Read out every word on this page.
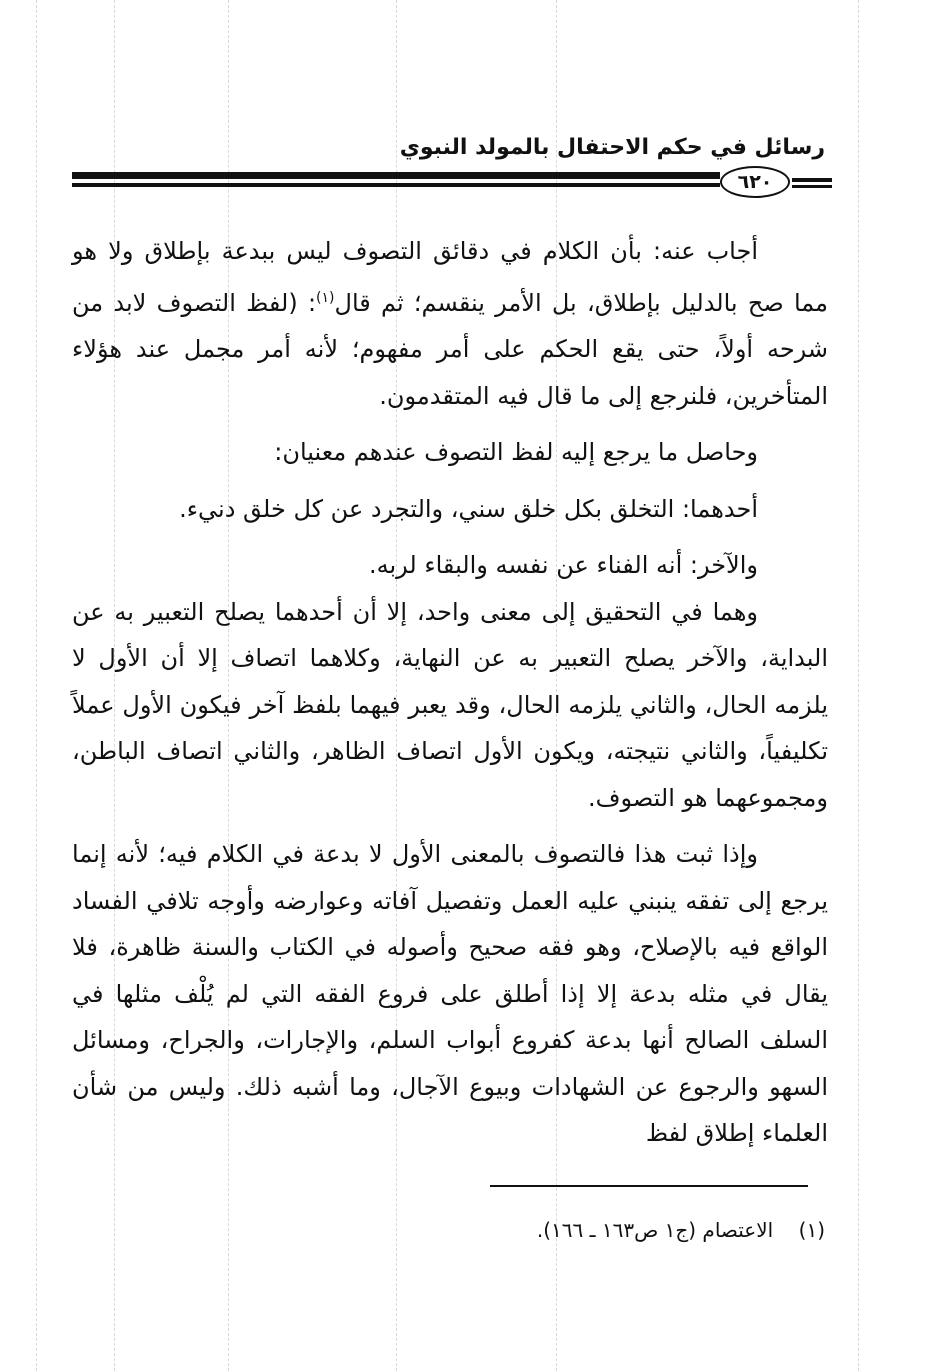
رسائل في حكم الاحتفال بالمولد النبوي
٦٢٠

أجاب عنه: بأن الكلام في دقائق التصوف ليس ببدعة بإطلاق ولا هو مما صح بالدليل بإطلاق، بل الأمر ينقسم؛ ثم قال$^{(١)}$: (لفظ التصوف لابد من شرحه أولاً، حتى يقع الحكم على أمر مفهوم؛ لأنه أمر مجمل عند هؤلاء المتأخرين، فلنرجع إلى ما قال فيه المتقدمون.

وحاصل ما يرجع إليه لفظ التصوف عندهم معنيان:

أحدهما: التخلق بكل خلق سني، والتجرد عن كل خلق دنيء.

والآخر: أنه الفناء عن نفسه والبقاء لربه.

وهما في التحقيق إلى معنى واحد، إلا أن أحدهما يصلح التعبير به عن البداية، والآخر يصلح التعبير به عن النهاية، وكلاهما اتصاف إلا أن الأول لا يلزمه الحال، والثاني يلزمه الحال، وقد يعبر فيهما بلفظ آخر فيكون الأول عملاً تكليفياً، والثاني نتيجته، ويكون الأول اتصاف الظاهر، والثاني اتصاف الباطن، ومجموعهما هو التصوف.

وإذا ثبت هذا فالتصوف بالمعنى الأول لا بدعة في الكلام فيه؛ لأنه إنما يرجع إلى تفقه ينبني عليه العمل وتفصيل آفاته وعوارضه وأوجه تلافي الفساد الواقع فيه بالإصلاح، وهو فقه صحيح وأصوله في الكتاب والسنة ظاهرة، فلا يقال في مثله بدعة إلا إذا أطلق على فروع الفقه التي لم يُلْف مثلها في السلف الصالح أنها بدعة كفروع أبواب السلم، والإجارات، والجراح، ومسائل السهو والرجوع عن الشهادات وبيوع الآجال، وما أشبه ذلك. وليس من شأن العلماء إطلاق لفظ

(١)    الاعتصام (ج١ ص١٦٣ ـ ١٦٦).
